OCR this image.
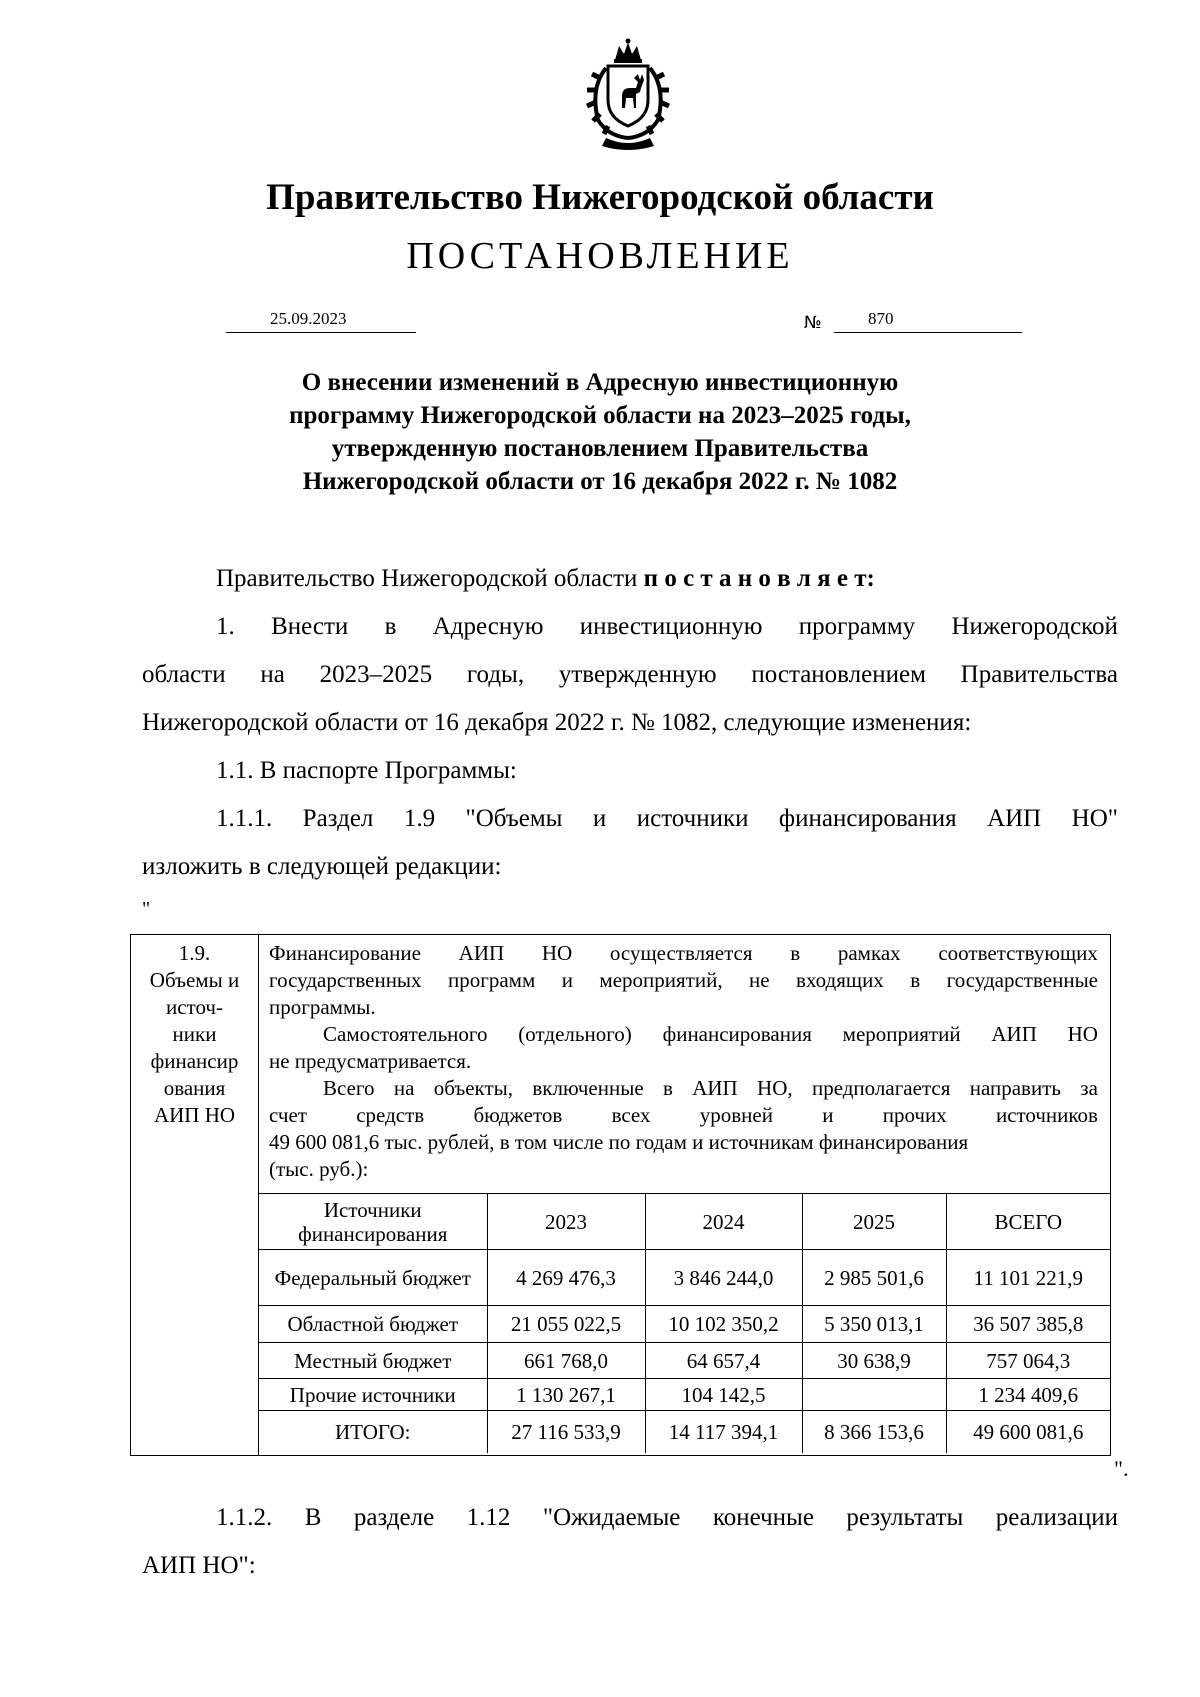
Правительство Нижегородской области
ПОСТАНОВЛЕНИЕ
25.09.2023	№	870
О внесении изменений в Адресную инвестиционную
программу Нижегородской области на 2023–2025 годы,
утвержденную постановлением Правительства
Нижегородской области от 16 декабря 2022 г. № 1082
Правительство Нижегородской области п о с т а н о в л я е т:
1. Внести в Адресную инвестиционную программу Нижегородской
области на 2023–2025 годы, утвержденную постановлением Правительства
Нижегородской области от 16 декабря 2022 г. № 1082, следующие изменения:
1.1. В паспорте Программы:
1.1.1. Раздел 1.9 "Объемы и источники финансирования АИП НО"
изложить в следующей редакции:
"
1.9.
Объемы и
источ-
ники
финансир
ования
АИП НО
Финансирование АИП НО осуществляется в рамках соответствующих
государственных программ и мероприятий, не входящих в государственные
программы.
Самостоятельного (отдельного) финансирования мероприятий АИП НО
не предусматривается.
Всего на объекты, включенные в АИП НО, предполагается направить за
счет средств бюджетов всех уровней и прочих источников
49 600 081,6 тыс. рублей, в том числе по годам и источникам финансирования
(тыс. руб.):
Источники финансирования	2023	2024	2025	ВСЕГО
Федеральный бюджет	4 269 476,3	3 846 244,0	2 985 501,6	11 101 221,9
Областной бюджет	21 055 022,5	10 102 350,2	5 350 013,1	36 507 385,8
Местный бюджет	661 768,0	64 657,4	30 638,9	757 064,3
Прочие источники	1 130 267,1	104 142,5		1 234 409,6
ИТОГО:	27 116 533,9	14 117 394,1	8 366 153,6	49 600 081,6
".
1.1.2. В разделе 1.12 "Ожидаемые конечные результаты реализации
АИП НО":
